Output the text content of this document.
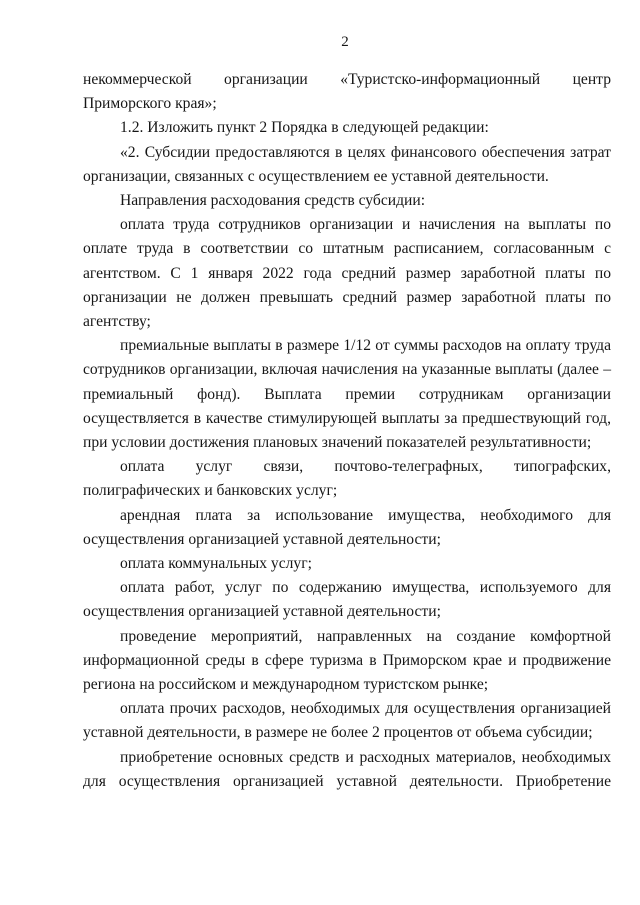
2

некоммерческой организации «Туристско-информационный центр Приморского края»;

1.2. Изложить пункт 2 Порядка в следующей редакции:

«2. Субсидии предоставляются в целях финансового обеспечения затрат организации, связанных с осуществлением ее уставной деятельности.

Направления расходования средств субсидии:

оплата труда сотрудников организации и начисления на выплаты по оплате труда в соответствии со штатным расписанием, согласованным с агентством. С 1 января 2022 года средний размер заработной платы по организации не должен превышать средний размер заработной платы по агентству;

премиальные выплаты в размере 1/12 от суммы расходов на оплату труда сотрудников организации, включая начисления на указанные выплаты (далее – премиальный фонд). Выплата премии сотрудникам организации осуществляется в качестве стимулирующей выплаты за предшествующий год, при условии достижения плановых значений показателей результативности;

оплата услуг связи, почтово-телеграфных, типографских, полиграфических и банковских услуг;

арендная плата за использование имущества, необходимого для осуществления организацией уставной деятельности;

оплата коммунальных услуг;

оплата работ, услуг по содержанию имущества, используемого для осуществления организацией уставной деятельности;

проведение мероприятий, направленных на создание комфортной информационной среды в сфере туризма в Приморском крае и продвижение региона на российском и международном туристском рынке;

оплата прочих расходов, необходимых для осуществления организацией уставной деятельности, в размере не более 2 процентов от объема субсидии;

приобретение основных средств и расходных материалов, необходимых для осуществления организацией уставной деятельности. Приобретение
